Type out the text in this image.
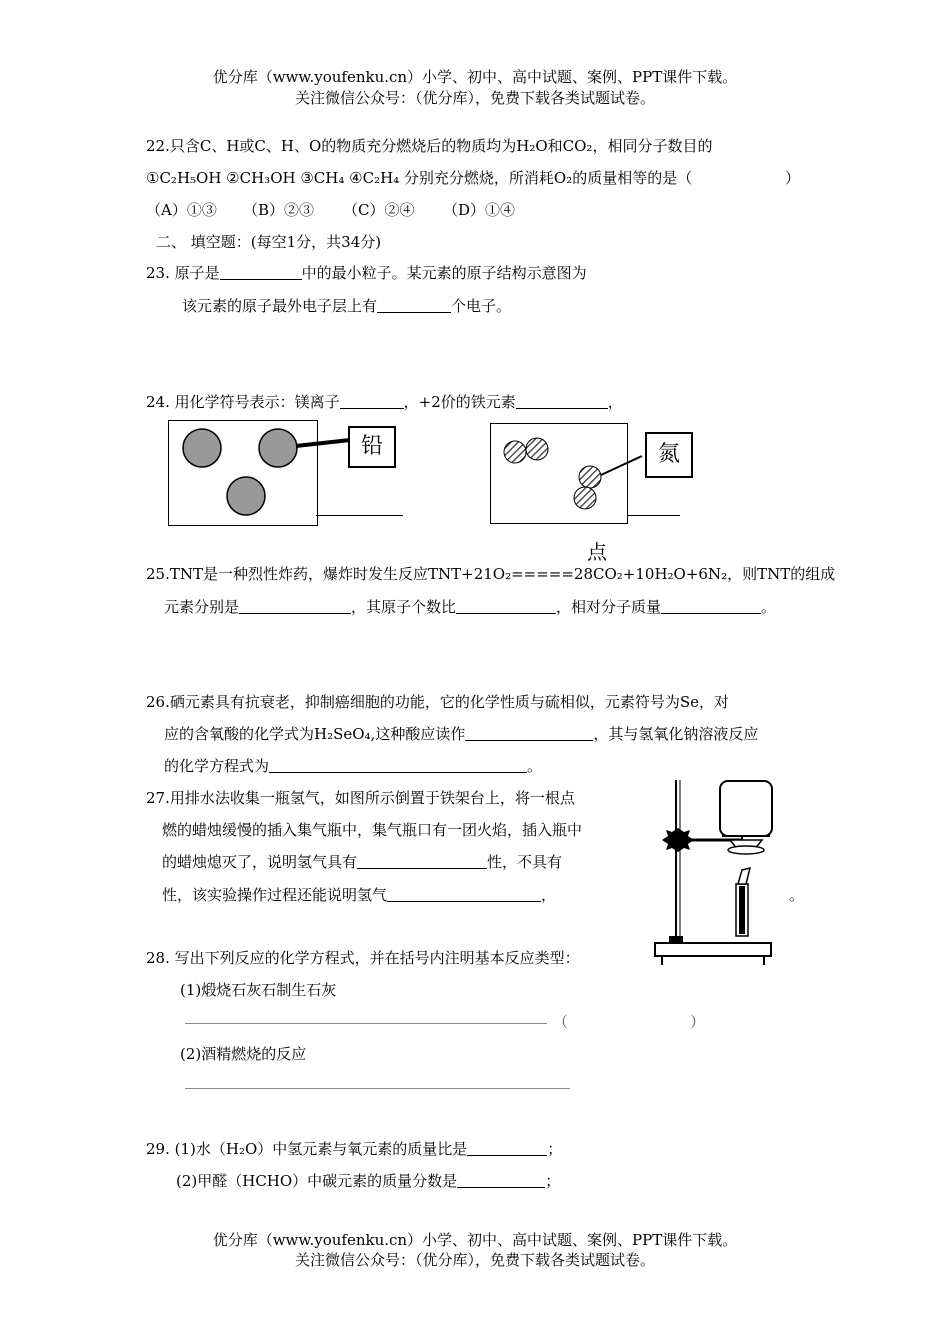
优分库（www.youfenku.cn）小学、初中、高中试题、案例、PPT课件下载。
关注微信公众号：（优分库），免费下载各类试题试卷。
22.只含C、H或C、H、O的物质充分燃烧后的物质均为H₂O和CO₂，相同分子数目的
①C₂H₅OH ②CH₃OH ③CH₄ ④C₂H₄ 分别充分燃烧，所消耗O₂的质量相等的是（	）
（A）①③ （B）②③ （C）②④ （D）①④
二、 填空题：(每空1分，共34分)
23. 原子是	中的最小粒子。某元素的原子结构示意图为
该元素的原子最外电子层上有	个电子。
24. 用化学符号表示：镁离子	，+2价的铁元素	，
铅	氮
点
25.TNT是一种烈性炸药，爆炸时发生反应TNT+21O₂=====28CO₂+10H₂O+6N₂，则TNT的组成
元素分别是	，其原子个数比	，相对分子质量	。
26.硒元素具有抗衰老，抑制癌细胞的功能，它的化学性质与硫相似，元素符号为Se，对
应的含氧酸的化学式为H₂SeO₄,这种酸应读作	，其与氢氧化钠溶液反应
的化学方程式为	。
27.用排水法收集一瓶氢气，如图所示倒置于铁架台上，将一根点
燃的蜡烛缓慢的插入集气瓶中，集气瓶口有一团火焰，插入瓶中
的蜡烛熄灭了，说明氢气具有	性，不具有
性，该实验操作过程还能说明氢气	，	。
28. 写出下列反应的化学方程式，并在括号内注明基本反应类型：
(1)煅烧石灰石制生石灰
（	）
(2)酒精燃烧的反应
29. (1)水（H₂O）中氢元素与氧元素的质量比是	；
(2)甲醛（HCHO）中碳元素的质量分数是	；
优分库（www.youfenku.cn）小学、初中、高中试题、案例、PPT课件下载。
关注微信公众号：（优分库），免费下载各类试题试卷。
